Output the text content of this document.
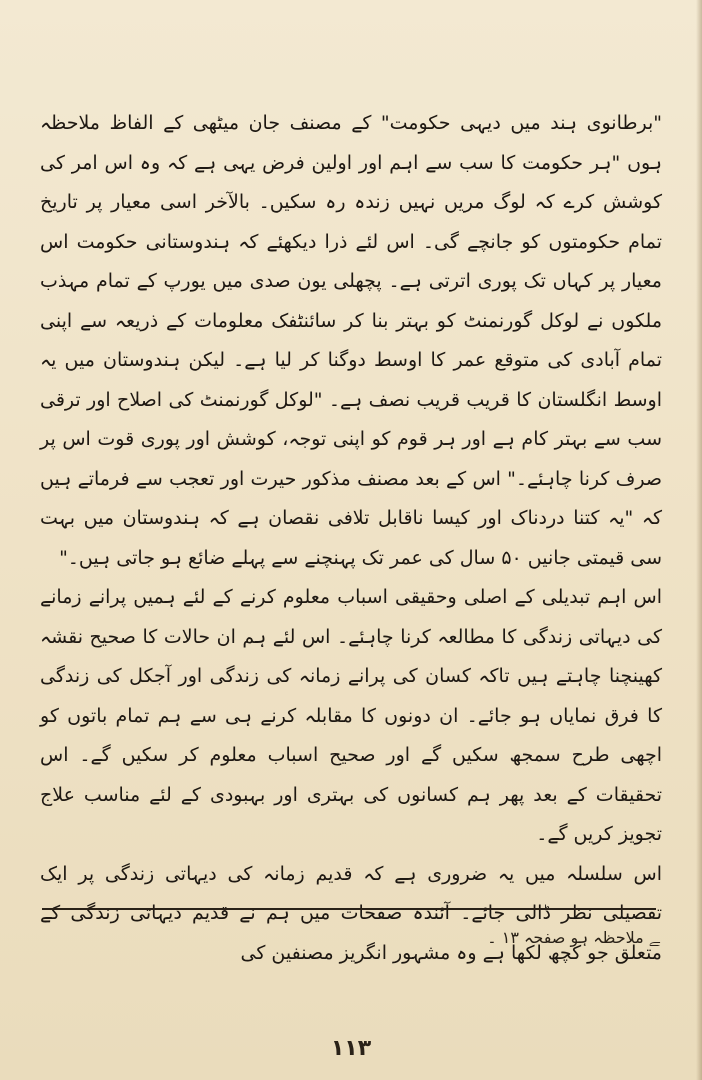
"برطانوی ہند میں دیہی حکومت" کے مصنف جان میٹھی کے الفاظ ملاحظہ ہوں "ہر حکومت کا سب سے اہم اور اولین فرض یہی ہے کہ وہ اس امر کی کوشش کرے کہ لوگ مریں نہیں زندہ رہ سکیں۔ بالآخر اسی معیار پر تاریخ تمام حکومتوں کو جانچے گی۔ اس لئے ذرا دیکھئے کہ ہندوستانی حکومت اس معیار پر کہاں تک پوری اترتی ہے۔ پچھلی یون صدی میں یورپ کے تمام مہذب ملکوں نے لوکل گورنمنٹ کو بہتر بنا کر سائنٹفک معلومات کے ذریعہ سے اپنی تمام آبادی کی متوقع عمر کا اوسط دوگنا کر لیا ہے۔ لیکن ہندوستان میں یہ اوسط انگلستان کا قریب قریب نصف ہے۔ "لوکل گورنمنٹ کی اصلاح اور ترقی سب سے بہتر کام ہے اور ہر قوم کو اپنی توجہ، کوشش اور پوری قوت اس پر صرف کرنا چاہئے۔" اس کے بعد مصنف مذکور حیرت اور تعجب سے فرماتے ہیں کہ "یہ کتنا دردناک اور کیسا ناقابل تلافی نقصان ہے کہ ہندوستان میں بہت سی قیمتی جانیں ۵۰ سال کی عمر تک پہنچنے سے پہلے ضائع ہو جاتی ہیں۔"

اس اہم تبدیلی کے اصلی وحقیقی اسباب معلوم کرنے کے لئے ہمیں پرانے زمانے کی دیہاتی زندگی کا مطالعہ کرنا چاہئے۔ اس لئے ہم ان حالات کا صحیح نقشہ کھینچنا چاہتے ہیں تاکہ کسان کی پرانے زمانہ کی زندگی اور آجکل کی زندگی کا فرق نمایاں ہو جائے۔ ان دونوں کا مقابلہ کرنے ہی سے ہم تمام باتوں کو اچھی طرح سمجھ سکیں گے اور صحیح اسباب معلوم کر سکیں گے۔ اس تحقیقات کے بعد پھر ہم کسانوں کی بہتری اور بہبودی کے لئے مناسب علاج تجویز کریں گے۔

اس سلسلہ میں یہ ضروری ہے کہ قدیم زمانہ کی دیہاتی زندگی پر ایک تفصیلی نظر ڈالی جائے۔ آئندہ صفحات میں ہم نے قدیم دیہاتی زندگی کے متعلق جو کچھ لکھا ہے وہ مشہور انگریز مصنفین کی

ﮯ ملاحظہ ہو صفحہ ۱۳ ۔
۱۱۳
